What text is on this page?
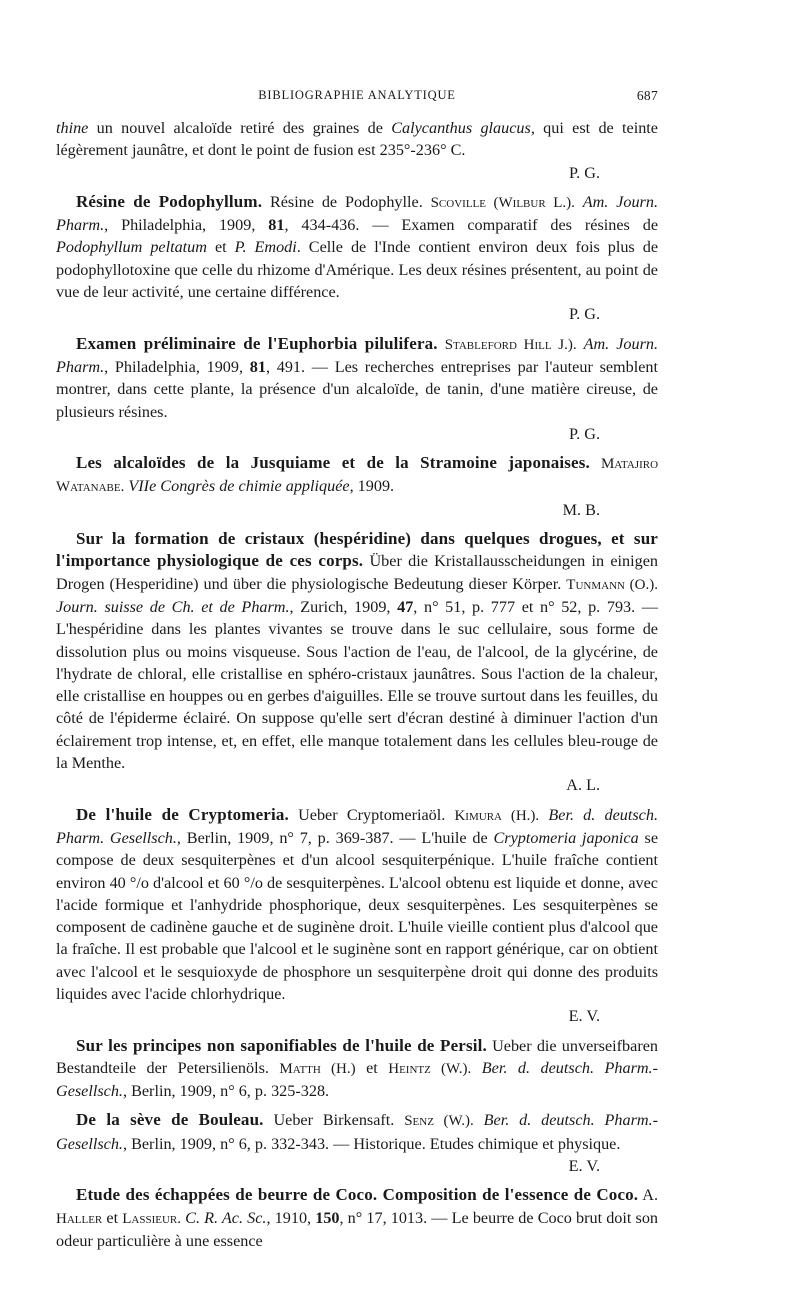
BIBLIOGRAPHIE ANALYTIQUE	687

thine un nouvel alcaloïde retiré des graines de Calycanthus glaucus, qui est de teinte légèrement jaunâtre, et dont le point de fusion est 235°-236° C.
P. G.

Résine de Podophyllum. Résine de Podophylle. Scoville (Wilbur L.). Am. Journ. Pharm., Philadelphia, 1909, 81, 434-436. — Examen comparatif des résines de Podophyllum peltatum et P. Emodi. Celle de l'Inde contient environ deux fois plus de podophyllotoxine que celle du rhizome d'Amérique. Les deux résines présentent, au point de vue de leur activité, une certaine différence.
P. G.

Examen préliminaire de l'Euphorbia pilulifera. Stableford Hill J.). Am. Journ. Pharm., Philadelphia, 1909, 81, 491. — Les recherches entreprises par l'auteur semblent montrer, dans cette plante, la présence d'un alcaloïde, de tanin, d'une matière cireuse, de plusieurs résines.
P. G.

Les alcaloïdes de la Jusquiame et de la Stramoine japonaises. Matajiro Watanabe. VIIe Congrès de chimie appliquée, 1909.
M. B.

Sur la formation de cristaux (hespéridine) dans quelques drogues, et sur l'importance physiologique de ces corps. Über die Kristallausscheidungen in einigen Drogen (Hesperidine) und über die physiologische Bedeutung dieser Körper. Tunmann (O.). Journ. suisse de Ch. et de Pharm., Zurich, 1909, 47, n° 51, p. 777 et n° 52, p. 793. — L'hespéridine dans les plantes vivantes se trouve dans le suc cellulaire, sous forme de dissolution plus ou moins visqueuse. Sous l'action de l'eau, de l'alcool, de la glycérine, de l'hydrate de chloral, elle cristallise en sphéro-cristaux jaunâtres. Sous l'action de la chaleur, elle cristallise en houppes ou en gerbes d'aiguilles. Elle se trouve surtout dans les feuilles, du côté de l'épiderme éclairé. On suppose qu'elle sert d'écran destiné à diminuer l'action d'un éclairement trop intense, et, en effet, elle manque totalement dans les cellules bleu-rouge de la Menthe.
A. L.

De l'huile de Cryptomeria. Ueber Cryptomeriaöl. Kimura (H.). Ber. d. deutsch. Pharm. Gesellsch., Berlin, 1909, n° 7, p. 369-387. — L'huile de Cryptomeria japonica se compose de deux sesquiterpènes et d'un alcool sesquiterpénique. L'huile fraîche contient environ 40 °/o d'alcool et 60 °/o de sesquiterpènes. L'alcool obtenu est liquide et donne, avec l'acide formique et l'anhydride phosphorique, deux sesquiterpènes. Les sesquiterpènes se composent de cadinène gauche et de suginène droit. L'huile vieille contient plus d'alcool que la fraîche. Il est probable que l'alcool et le suginène sont en rapport générique, car on obtient avec l'alcool et le sesquioxyde de phosphore un sesquiterpène droit qui donne des produits liquides avec l'acide chlorhydrique.
E. V.

Sur les principes non saponifiables de l'huile de Persil. Ueber die unverseifbaren Bestandteile der Petersilienöls. Matth (H.) et Heintz (W.). Ber. d. deutsch. Pharm.-Gesellsch., Berlin, 1909, n° 6, p. 325-328.

De la sève de Bouleau. Ueber Birkensaft. Senz (W.). Ber. d. deutsch. Pharm.-Gesellsch., Berlin, 1909, n° 6, p. 332-343. — Historique. Etudes chimique et physique.
E. V.

Etude des échappées de beurre de Coco. Composition de l'essence de Coco. A. Haller et Lassieur. C. R. Ac. Sc., 1910, 150, n° 17, 1013. — Le beurre de Coco brut doit son odeur particulière à une essence
